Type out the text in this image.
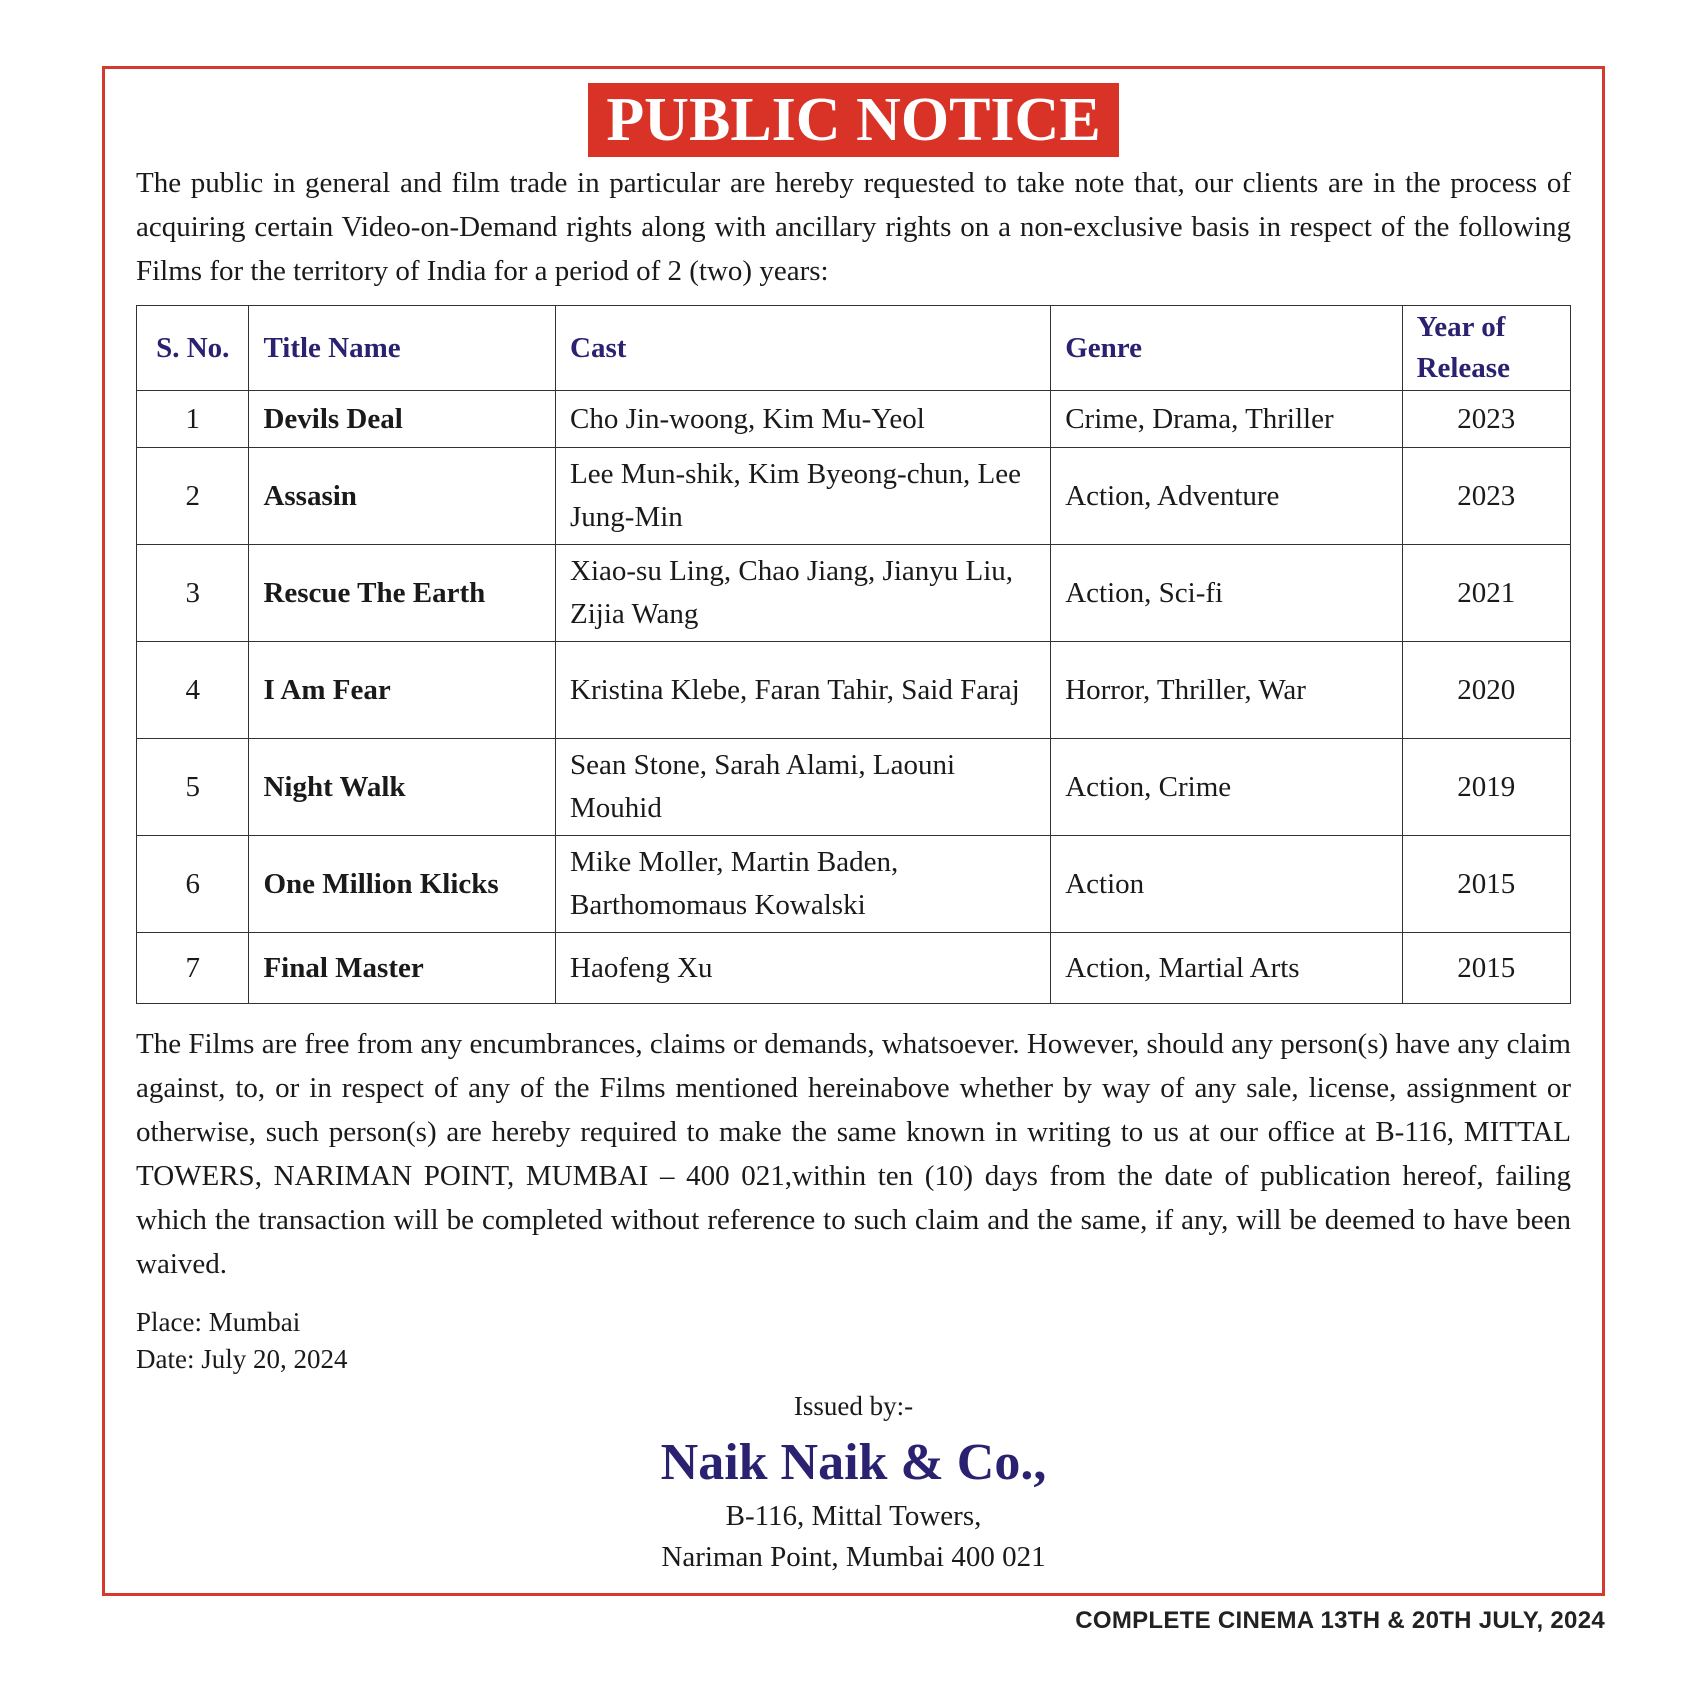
PUBLIC NOTICE

The public in general and film trade in particular are hereby requested to take note that, our clients are in the process of acquiring certain Video-on-Demand rights along with ancillary rights on a non-exclusive basis in respect of the following Films for the territory of India for a period of 2 (two) years:

S. No.	Title Name	Cast	Genre	Year of
Release
1	Devils Deal	Cho Jin-woong, Kim Mu-Yeol	Crime, Drama, Thriller	2023
2	Assasin	Lee Mun-shik, Kim Byeong-chun, Lee Jung-Min	Action, Adventure	2023
3	Rescue The Earth	Xiao-su Ling, Chao Jiang, Jianyu Liu, Zijia Wang	Action, Sci-fi	2021
4	I Am Fear	Kristina Klebe, Faran Tahir, Said Faraj	Horror, Thriller, War	2020
5	Night Walk	Sean Stone, Sarah Alami, Laouni Mouhid	Action, Crime	2019
6	One Million Klicks	Mike Moller, Martin Baden, Barthomomaus Kowalski	Action	2015
7	Final Master	Haofeng Xu	Action, Martial Arts	2015

The Films are free from any encumbrances, claims or demands, whatsoever. However, should any person(s) have any claim against, to, or in respect of any of the Films mentioned hereinabove whether by way of any sale, license, assignment or otherwise, such person(s) are hereby required to make the same known in writing to us at our office at B-116, MITTAL TOWERS, NARIMAN POINT, MUMBAI – 400 021,within ten (10) days from the date of publication hereof, failing which the transaction will be completed without reference to such claim and the same, if any, will be deemed to have been waived.

Place: Mumbai
Date: July 20, 2024
Issued by:-
Naik Naik & Co.,
B-116, Mittal Towers,
Nariman Point, Mumbai 400 021
COMPLETE CINEMA 13TH & 20TH JULY, 2024
